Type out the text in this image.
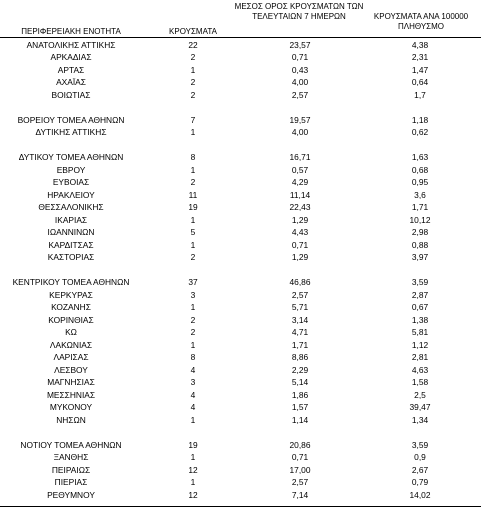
ΠΕΡΙΦΕΡΕΙΑΚΗ ΕΝΟΤΗΤΑ	ΚΡΟΥΣΜΑΤΑ
ΜΕΣΟΣ ΟΡΟΣ ΚΡΟΥΣΜΑΤΩΝ ΤΩΝ ΤΕΛΕΥΤΑΙΩΝ 7 ΗΜΕΡΩΝ	ΚΡΟΥΣΜΑΤΑ ΑΝΑ 100000 ΠΛΗΘΥΣΜΟ
ΑΝΑΤΟΛΙΚΗΣ ΑΤΤΙΚΗΣ	22	23,57	4,38
ΑΡΚΑΔΙΑΣ	2	0,71	2,31
ΑΡΤΑΣ	1	0,43	1,47
ΑΧΑΪΑΣ	2	4,00	0,64
ΒΟΙΩΤΙΑΣ	2	2,57	1,7
ΒΟΡΕΙΟΥ ΤΟΜΕΑ ΑΘΗΝΩΝ	7	19,57	1,18
ΔΥΤΙΚΗΣ ΑΤΤΙΚΗΣ	1	4,00	0,62
ΔΥΤΙΚΟΥ ΤΟΜΕΑ ΑΘΗΝΩΝ	8	16,71	1,63
ΕΒΡΟΥ	1	0,57	0,68
ΕΥΒΟΙΑΣ	2	4,29	0,95
ΗΡΑΚΛΕΙΟΥ	11	11,14	3,6
ΘΕΣΣΑΛΟΝΙΚΗΣ	19	22,43	1,71
ΙΚΑΡΙΑΣ	1	1,29	10,12
ΙΩΑΝΝΙΝΩΝ	5	4,43	2,98
ΚΑΡΔΙΤΣΑΣ	1	0,71	0,88
ΚΑΣΤΟΡΙΑΣ	2	1,29	3,97
ΚΕΝΤΡΙΚΟΥ ΤΟΜΕΑ ΑΘΗΝΩΝ	37	46,86	3,59
ΚΕΡΚΥΡΑΣ	3	2,57	2,87
ΚΟΖΑΝΗΣ	1	5,71	0,67
ΚΟΡΙΝΘΙΑΣ	2	3,14	1,38
ΚΩ	2	4,71	5,81
ΛΑΚΩΝΙΑΣ	1	1,71	1,12
ΛΑΡΙΣΑΣ	8	8,86	2,81
ΛΕΣΒΟΥ	4	2,29	4,63
ΜΑΓΝΗΣΙΑΣ	3	5,14	1,58
ΜΕΣΣΗΝΙΑΣ	4	1,86	2,5
ΜΥΚΟΝΟΥ	4	1,57	39,47
ΝΗΣΩΝ	1	1,14	1,34
ΝΟΤΙΟΥ ΤΟΜΕΑ ΑΘΗΝΩΝ	19	20,86	3,59
ΞΑΝΘΗΣ	1	0,71	0,9
ΠΕΙΡΑΙΩΣ	12	17,00	2,67
ΠΙΕΡΙΑΣ	1	2,57	0,79
ΡΕΘΥΜΝΟΥ	12	7,14	14,02
